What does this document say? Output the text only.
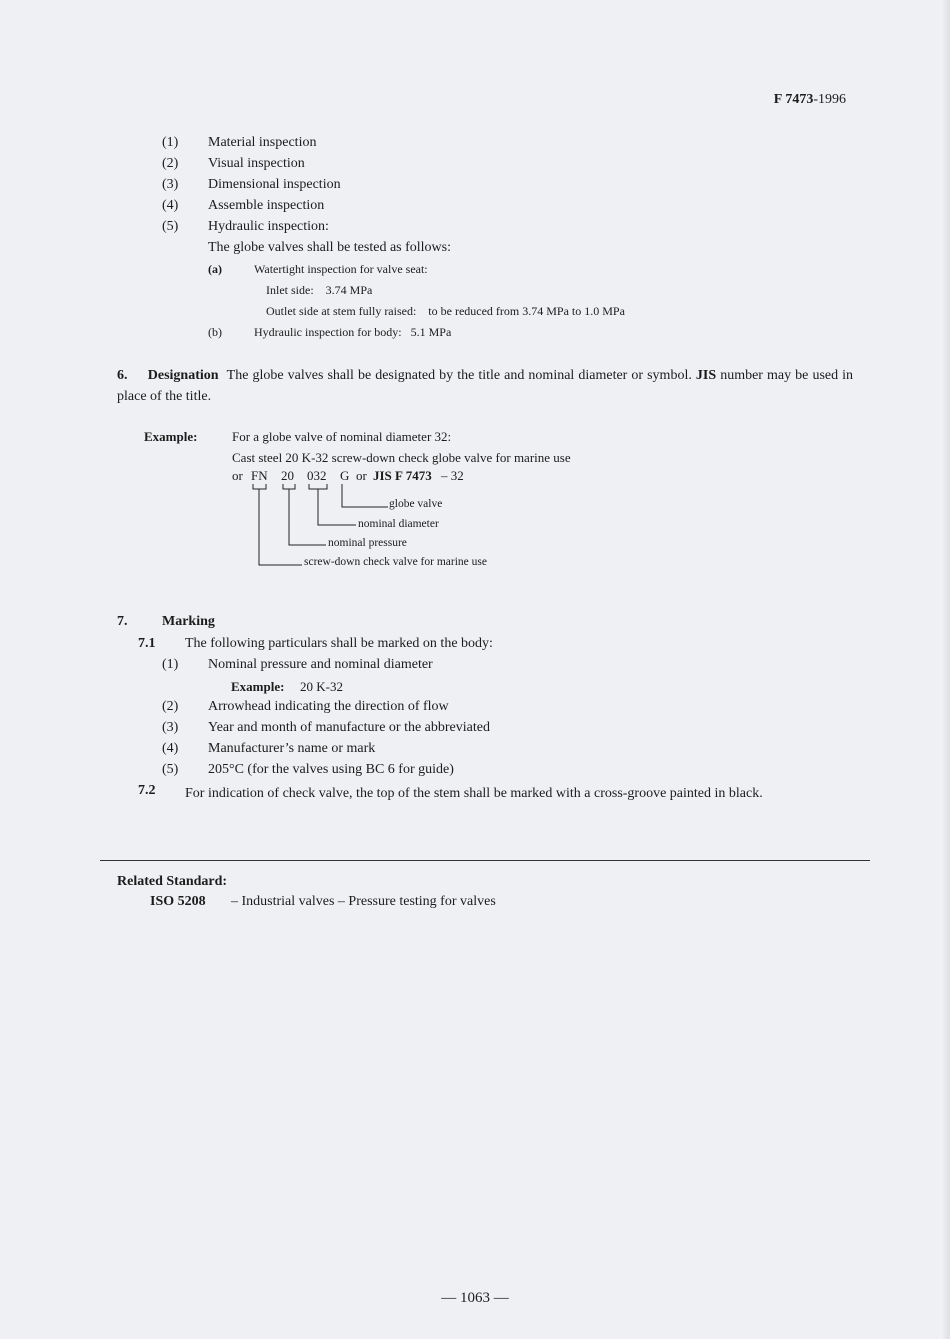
F 7473-1996
(1) Material inspection
(2) Visual inspection
(3) Dimensional inspection
(4) Assemble inspection
(5) Hydraulic inspection:
The globe valves shall be tested as follows:
(a)	Watertight inspection for valve seat:
Inlet side:    3.74 MPa
Outlet side at stem fully raised:    to be reduced from 3.74 MPa to 1.0 MPa
(b)	Hydraulic inspection for body:   5.1 MPa
6. Designation The globe valves shall be designated by the title and nominal diameter or symbol. JIS number may be used in place of the title.
Example:	For a globe valve of nominal diameter 32:
Cast steel 20 K-32 screw-down check globe valve for marine use
or FN 20 032 G or JIS F 7473 – 32
globe valve
nominal diameter
nominal pressure
screw-down check valve for marine use
7. Marking
7.1 The following particulars shall be marked on the body:
(1) Nominal pressure and nominal diameter
Example: 20 K-32
(2) Arrowhead indicating the direction of flow
(3) Year and month of manufacture or the abbreviated
(4) Manufacturer’s name or mark
(5) 205°C (for the valves using BC 6 for guide)
7.2	For indication of check valve, the top of the stem shall be marked with a cross-groove painted in black.
Related Standard:
ISO 5208 – Industrial valves – Pressure testing for valves
— 1063 —
